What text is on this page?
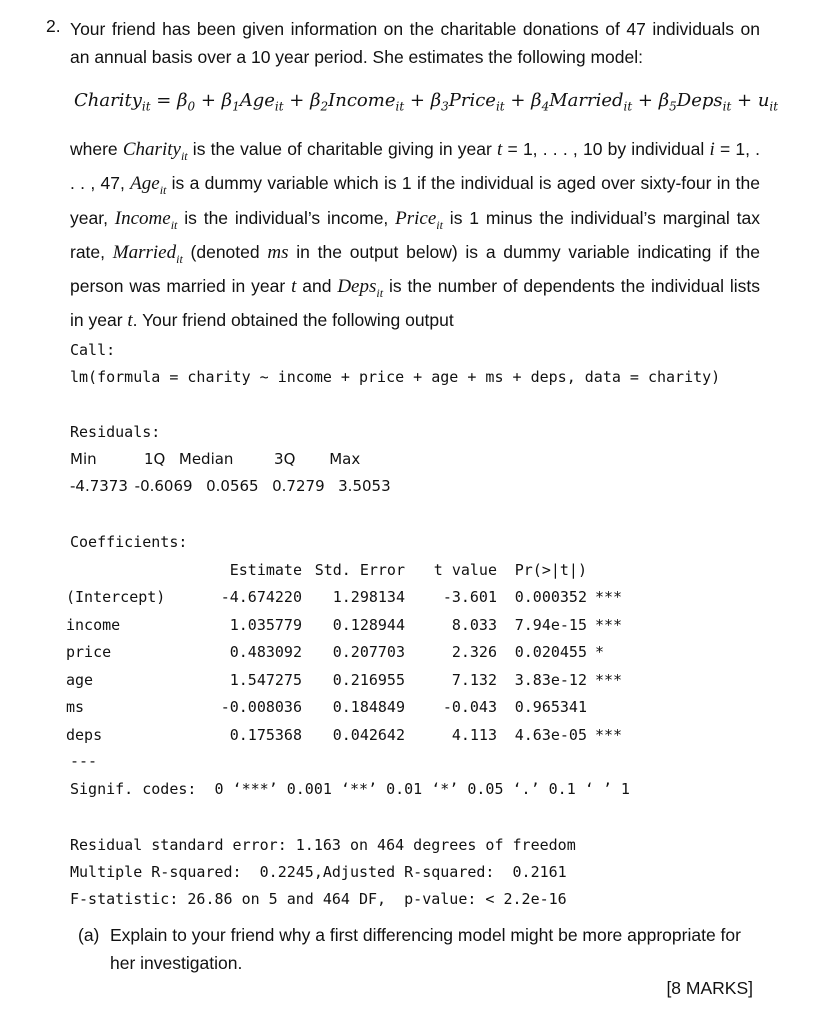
2. Your friend has been given information on the charitable donations of 47 individuals on an annual basis over a 10 year period. She estimates the following model:
Charity$_{it}$ = $\beta_0 + \beta_1Age_{it}$ + $\beta_2Income_{it}$ + $\beta_3Price_{it}$ + $\beta_4Married_{it}$ + $\beta_5Deps_{it} + u_{it}$
where Charity$_{it}$ is the value of charitable giving in year t = 1, . . . , 10 by individual i = 1, . . . , 47, Age$_{it}$ is a dummy variable which is 1 if the individual is aged over sixty-four in the year, Income$_{it}$ is the individual’s income, Price$_{it}$ is 1 minus the individual’s marginal tax rate, Married$_{it}$ (denoted ms in the output below) is a dummy variable indicating if the person was married in year t and Deps$_{it}$ is the number of dependents the individual lists in year t. Your friend obtained the following output
Call:
lm(formula = charity ~ income + price + age + ms + deps, data = charity)
Residuals:
Min       1Q  Median      3Q     Max
-4.7373 -0.6069  0.0565  0.7279  3.5053
Coefficients:
	Estimate	Std. Error	t value	Pr(>|t|)	
(Intercept)	-4.674220	1.298134	-3.601	0.000352	***
income	1.035779	0.128944	8.033	7.94e-15	***
price	0.483092	0.207703	2.326	0.020455	*
age	1.547275	0.216955	7.132	3.83e-12	***
ms	-0.008036	0.184849	-0.043	0.965341	
deps	0.175368	0.042642	4.113	4.63e-05	***
---
Signif. codes:  0 ‘***’ 0.001 ‘**’ 0.01 ‘*’ 0.05 ‘.’ 0.1 ‘ ’ 1
Residual standard error: 1.163 on 464 degrees of freedom
Multiple R-squared:  0.2245,Adjusted R-squared:  0.2161
F-statistic: 26.86 on 5 and 464 DF,  p-value: < 2.2e-16
(a) Explain to your friend why a first differencing model might be more appropriate for her investigation.
[8 MARKS]
